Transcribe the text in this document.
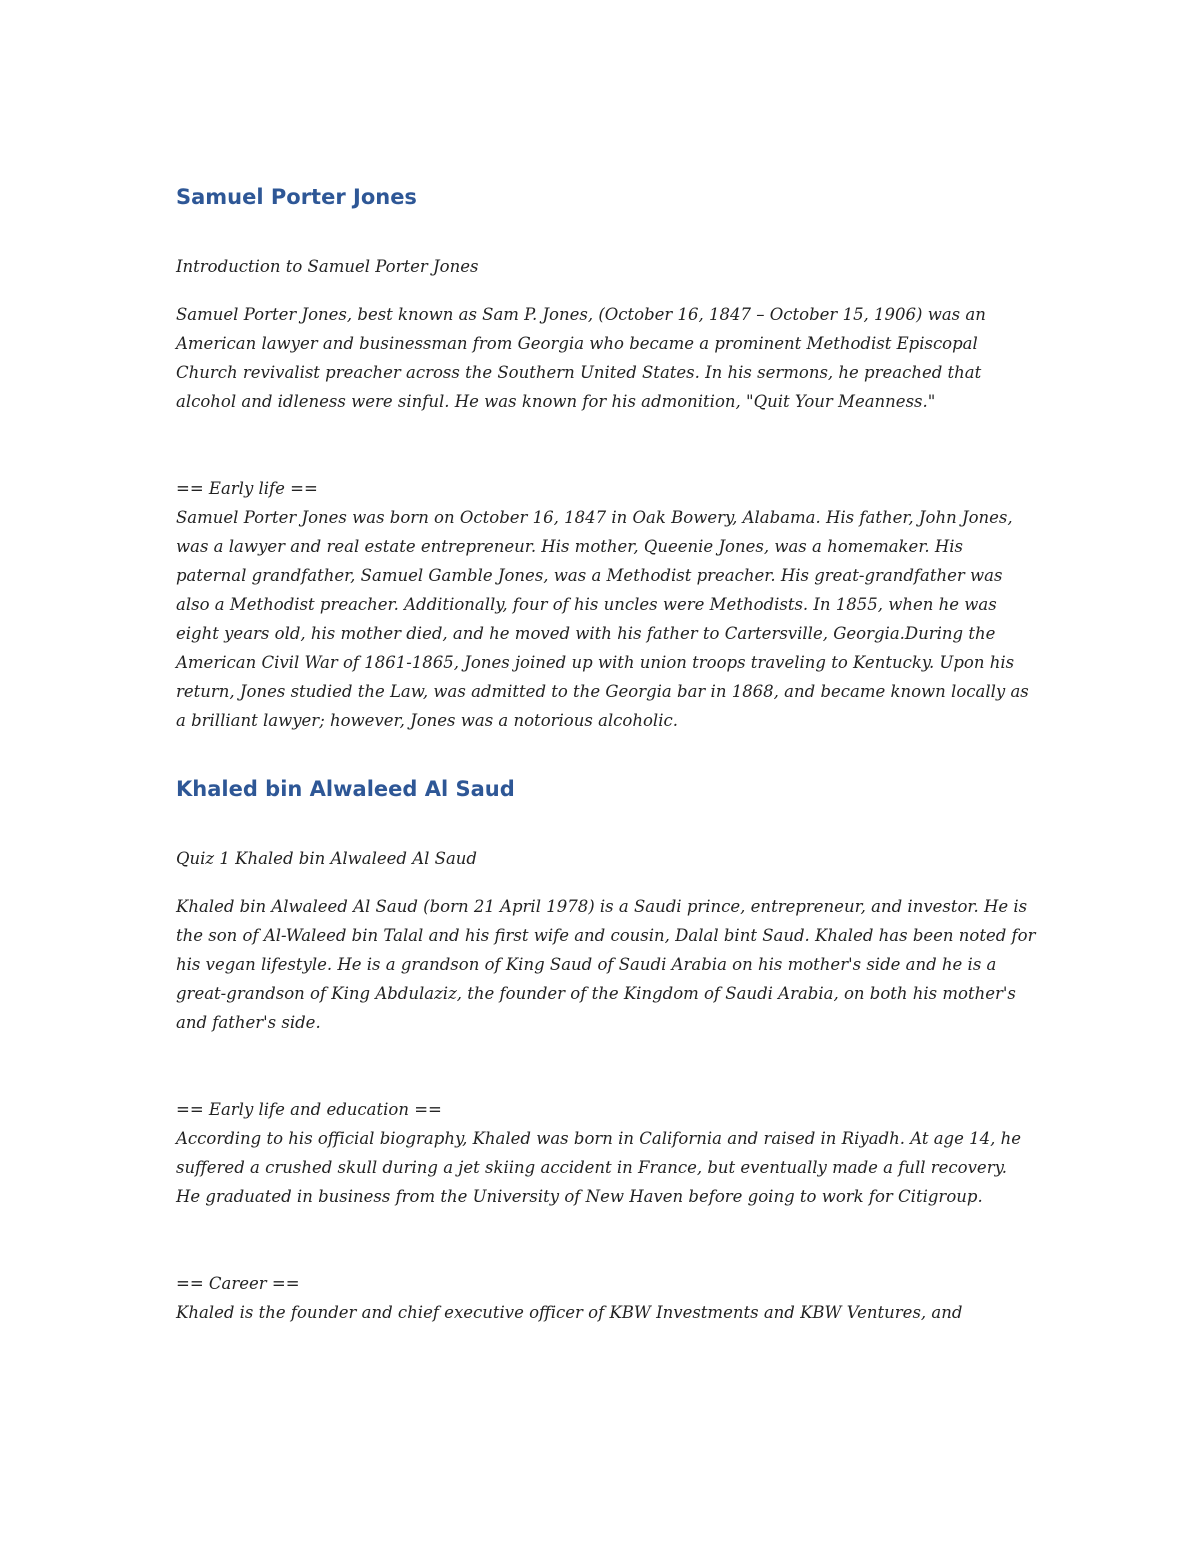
Samuel Porter Jones

Introduction to Samuel Porter Jones

Samuel Porter Jones, best known as Sam P. Jones, (October 16, 1847 – October 15, 1906) was an American lawyer and businessman from Georgia who became a prominent Methodist Episcopal Church revivalist preacher across the Southern United States. In his sermons, he preached that alcohol and idleness were sinful. He was known for his admonition, "Quit Your Meanness."

== Early life ==

Samuel Porter Jones was born on October 16, 1847 in Oak Bowery, Alabama. His father, John Jones, was a lawyer and real estate entrepreneur. His mother, Queenie Jones, was a homemaker. His paternal grandfather, Samuel Gamble Jones, was a Methodist preacher. His great-grandfather was also a Methodist preacher. Additionally, four of his uncles were Methodists. In 1855, when he was eight years old, his mother died, and he moved with his father to Cartersville, Georgia.During the American Civil War of 1861-1865, Jones joined up with union troops traveling to Kentucky. Upon his return, Jones studied the Law, was admitted to the Georgia bar in 1868, and became known locally as a brilliant lawyer; however, Jones was a notorious alcoholic.

Khaled bin Alwaleed Al Saud

Quiz 1 Khaled bin Alwaleed Al Saud

Khaled bin Alwaleed Al Saud (born 21 April 1978) is a Saudi prince, entrepreneur, and investor. He is the son of Al-Waleed bin Talal and his first wife and cousin, Dalal bint Saud. Khaled has been noted for his vegan lifestyle. He is a grandson of King Saud of Saudi Arabia on his mother's side and he is a great-grandson of King Abdulaziz, the founder of the Kingdom of Saudi Arabia, on both his mother's and father's side.

== Early life and education ==

According to his official biography, Khaled was born in California and raised in Riyadh. At age 14, he suffered a crushed skull during a jet skiing accident in France, but eventually made a full recovery. He graduated in business from the University of New Haven before going to work for Citigroup.

== Career ==

Khaled is the founder and chief executive officer of KBW Investments and KBW Ventures, and
